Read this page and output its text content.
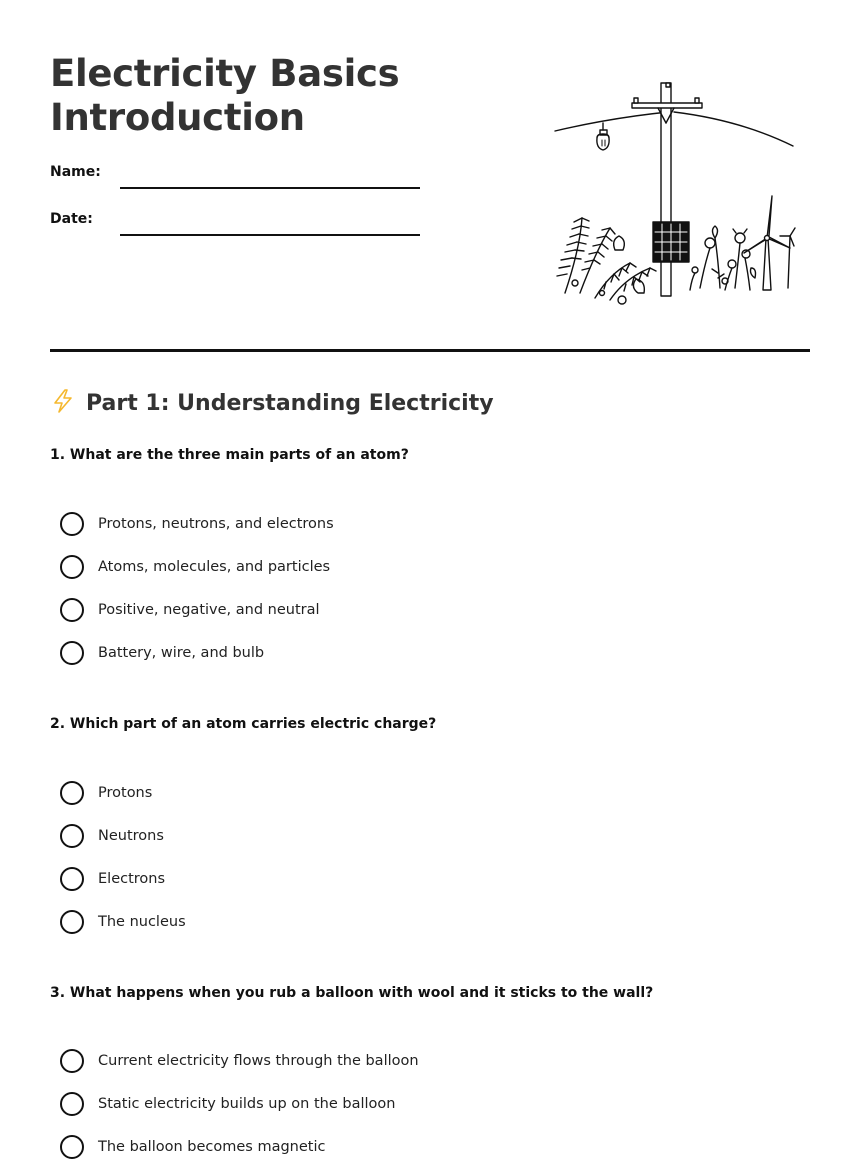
Electricity Basics
Introduction
Name:
Date:
Part 1: Understanding Electricity

1. What are the three main parts of an atom?

Protons, neutrons, and electrons
Atoms, molecules, and particles
Positive, negative, and neutral
Battery, wire, and bulb

2. Which part of an atom carries electric charge?

Protons
Neutrons
Electrons
The nucleus

3. What happens when you rub a balloon with wool and it sticks to the wall?

Current electricity flows through the balloon
Static electricity builds up on the balloon
The balloon becomes magnetic
